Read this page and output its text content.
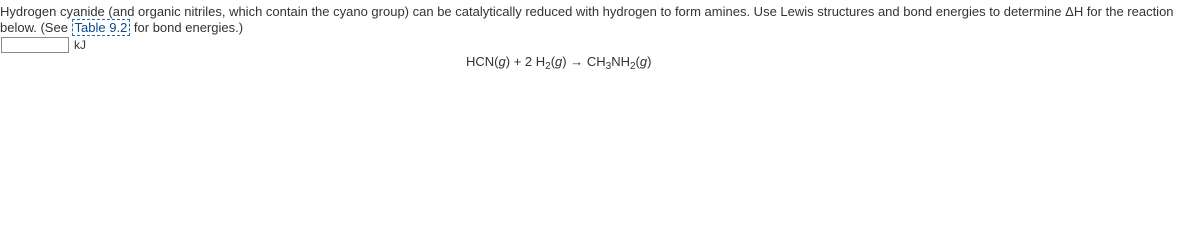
Hydrogen cyanide (and organic nitriles, which contain the cyano group) can be catalytically reduced with hydrogen to form amines. Use Lewis structures and bond energies to determine ΔH for the reaction below. (See Table 9.2 for bond energies.)
kJ
HCN(g) + 2 $H_2(g) \to CH_3NH_2(g)$
